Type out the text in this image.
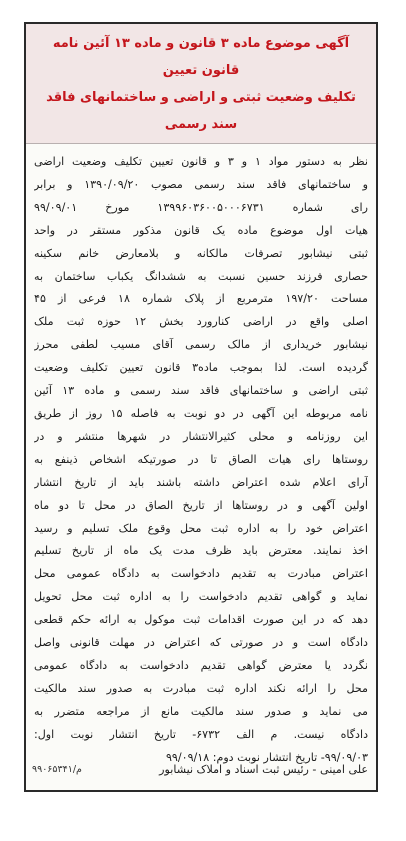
آگهی موضوع ماده ۳ قانون و ماده ۱۳ آئین نامه قانون تعیین

تکلیف وضعیت ثبتی و اراضی و ساختمانهای فاقد سند رسمی

نظر به دستور مواد ۱ و ۳ و قانون تعیین تکلیف وضعیت اراضی

و ساختمانهای فاقد سند رسمی مصوب ۱۳۹۰/۰۹/۲۰ و برابر

رای شماره ۱۳۹۹۶۰۳۶۰۰۵۰۰۰۶۷۳۱ مورخ ۹۹/۰۹/۰۱

هیات اول موضوع ماده یک قانون مذکور مستقر در واحد

ثبتی نیشابور تصرفات مالکانه و بلامعارض خانم سکینه

حصاری فرزند حسین نسبت به ششدانگ یکباب ساختمان به

مساحت ۱۹۷/۲۰ مترمربع از پلاک شماره ۱۸ فرعی از ۴۵

اصلی واقع در اراضی کنارورد بخش ۱۲ حوزه ثبت ملک

نیشابور خریداری از مالک رسمی آقای مسیب لطفی محرز

گردیده است. لذا بموجب ماده۳ قانون تعیین تکلیف وضعیت

ثبتی اراضی و ساختمانهای فاقد سند رسمی و ماده ۱۳ آئین

نامه مربوطه این آگهی در دو نوبت به فاصله ۱۵ روز از طریق

این روزنامه و محلی کثیرالانتشار در شهرها منتشر و در

روستاها رای هیات الصاق تا در صورتیکه اشخاص ذینفع به

آرای اعلام شده اعتراض داشته باشند باید از تاریخ انتشار

اولین آگهی و در روستاها از تاریخ الصاق در محل تا دو ماه

اعتراض خود را به اداره ثبت محل وقوع ملک تسلیم و رسید

اخذ نمایند. معترض باید ظرف مدت یک ماه از تاریخ تسلیم

اعتراض مبادرت به تقدیم دادخواست به دادگاه عمومی محل

نماید و گواهی تقدیم دادخواست را به اداره ثبت محل تحویل

دهد که در این صورت اقدامات ثبت موکول به ارائه حکم قطعی

دادگاه است و در صورتی که اعتراض در مهلت قانونی واصل

نگردد یا معترض گواهی تقدیم دادخواست به دادگاه عمومی

محل را ارائه نکند اداره ثبت مبادرت به صدور سند مالکیت

می نماید و صدور سند مالکیت مانع از مراجعه متضرر به

دادگاه نیست. م الف ۶۷۳۲- تاریخ انتشار نوبت اول:

۹۹/۰۹/۰۳- تاریخ انتشار نوبت دوم: ۹۹/۰۹/۱۸

علی امینی - رئیس ثبت اسناد و املاک نیشابور
م/۹۹۰۶۵۳۴۱
